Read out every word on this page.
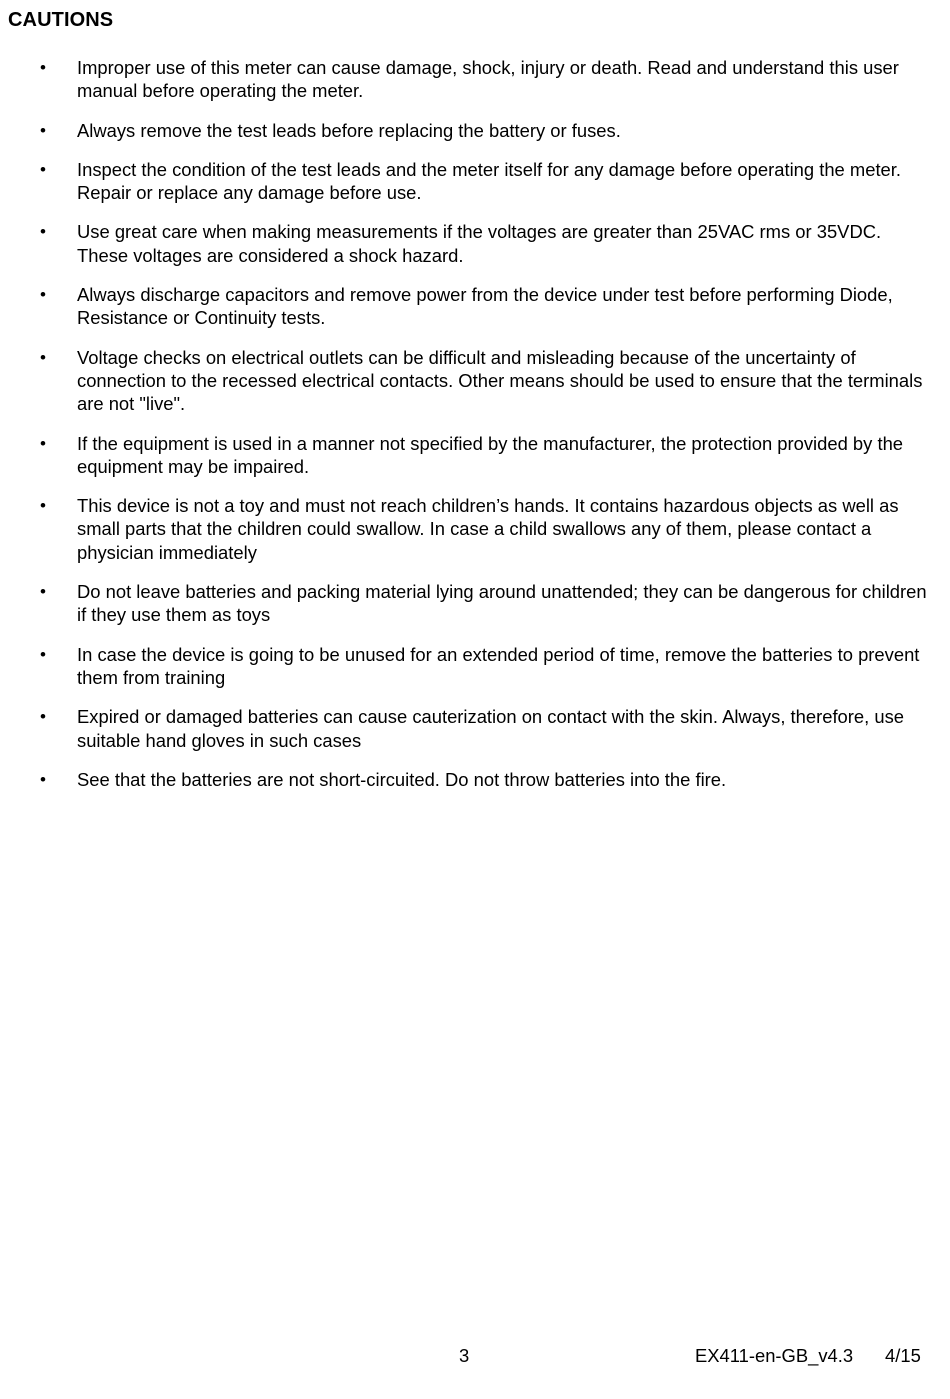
CAUTIONS
• Improper use of this meter can cause damage, shock, injury or death. Read and understand this user manual before operating the meter.
• Always remove the test leads before replacing the battery or fuses.
• Inspect the condition of the test leads and the meter itself for any damage before operating the meter. Repair or replace any damage before use.
• Use great care when making measurements if the voltages are greater than 25VAC rms or 35VDC. These voltages are considered a shock hazard.
• Always discharge capacitors and remove power from the device under test before performing Diode, Resistance or Continuity tests.
• Voltage checks on electrical outlets can be difficult and misleading because of the uncertainty of connection to the recessed electrical contacts. Other means should be used to ensure that the terminals are not "live".
• If the equipment is used in a manner not specified by the manufacturer, the protection provided by the equipment may be impaired.
• This device is not a toy and must not reach children’s hands. It contains hazardous objects as well as small parts that the children could swallow. In case a child swallows any of them, please contact a physician immediately
• Do not leave batteries and packing material lying around unattended; they can be dangerous for children if they use them as toys
• In case the device is going to be unused for an extended period of time, remove the batteries to prevent them from training
• Expired or damaged batteries can cause cauterization on contact with the skin. Always, therefore, use suitable hand gloves in such cases
• See that the batteries are not short-circuited. Do not throw batteries into the fire.
3	EX411-en-GB_v4.3 4/15
